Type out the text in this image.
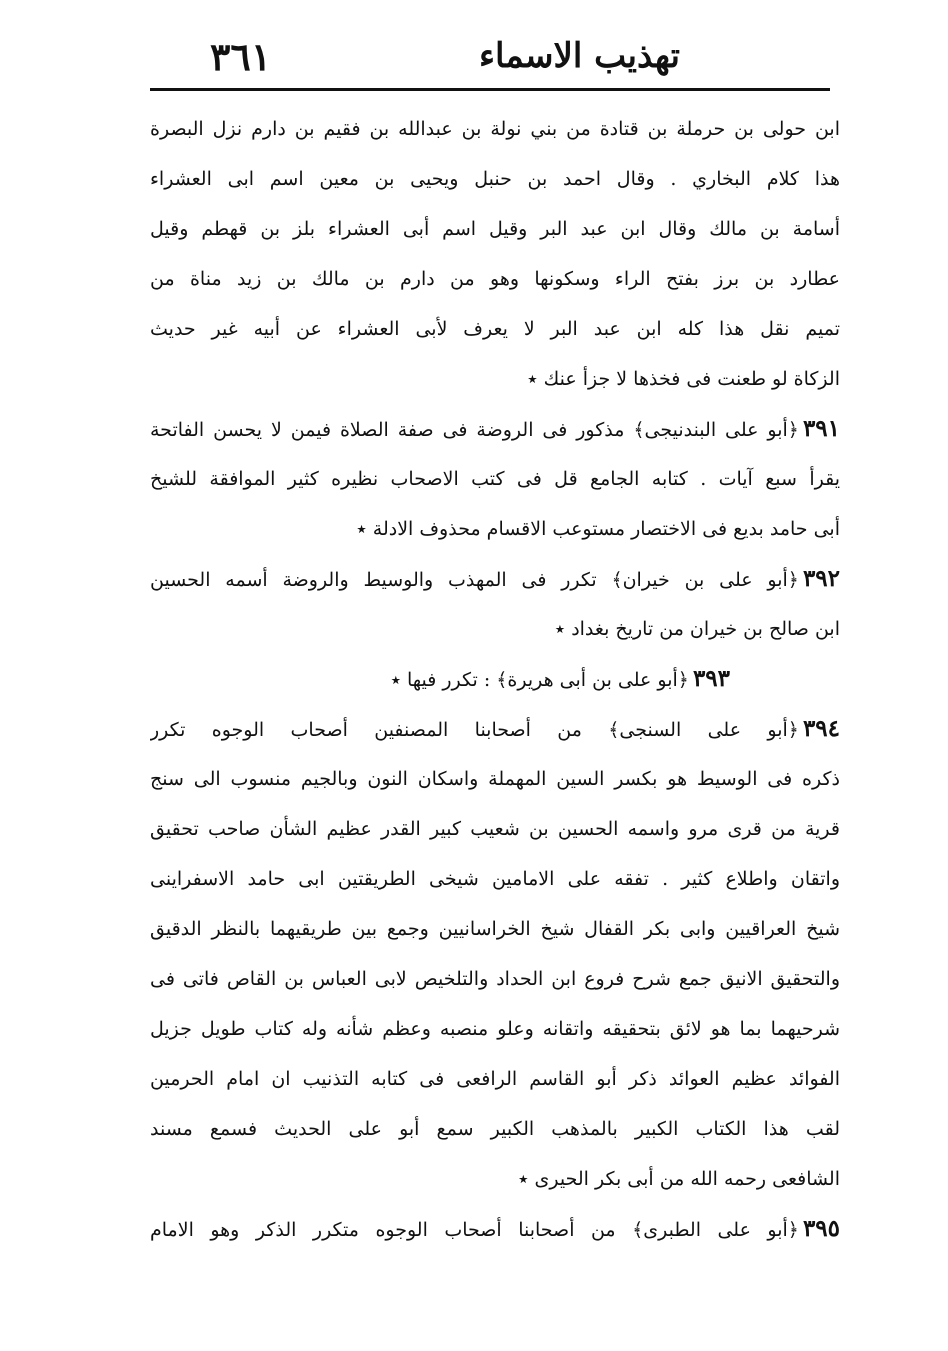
تهذيب الاسماء
٣٦١
ابن حولى بن حرملة بن قتادة من بني نولة بن عبدالله بن فقيم بن دارم نزل البصرة
هذا كلام البخاري . وقال احمد بن حنبل ويحيى بن معين اسم ابى العشراء
أسامة بن مالك وقال ابن عبد البر وقيل اسم أبى العشراء بلز بن قهطم وقيل
عطارد بن برز بفتح الراء وسكونها وهو من دارم بن مالك بن زيد مناة من
تميم نقل هذا كله ابن عبد البر لا يعرف لأبى العشراء عن أبيه غير حديث
الزكاة لو طعنت فى فخذها لا جزأ عنك ٭
٣٩١﴿أبو على البندنيجى﴾ مذكور فى الروضة فى صفة الصلاة فيمن لا يحسن الفاتحة
يقرأ سبع آيات . كتابه الجامع قل فى كتب الاصحاب نظيره كثير الموافقة للشيخ
أبى حامد بديع فى الاختصار مستوعب الاقسام محذوف الادلة ٭
٣٩٢﴿أبو على بن خيران﴾ تكرر فى المهذب والوسيط والروضة أسمه الحسين
ابن صالح بن خيران من تاريخ بغداد ٭
٣٩٣﴿أبو على بن أبى هريرة﴾ : تكرر فيها ٭
٣٩٤﴿أبو على السنجى﴾ من أصحابنا المصنفين أصحاب الوجوه تكرر
ذكره فى الوسيط هو بكسر السين المهملة واسكان النون وبالجيم منسوب الى سنج
قرية من قرى مرو واسمه الحسين بن شعيب كبير القدر عظيم الشأن صاحب تحقيق
واتقان واطلاع كثير . تفقه على الامامين شيخى الطريقتين ابى حامد الاسفراينى
شيخ العراقيين وابى بكر القفال شيخ الخراسانيين وجمع بين طريقيهما بالنظر الدقيق
والتحقيق الانيق جمع شرح فروع ابن الحداد والتلخيص لابى العباس بن القاص فاتى فى
شرحيهما بما هو لائق بتحقيقه واتقانه وعلو منصبه وعظم شأنه وله كتاب طويل جزيل
الفوائد عظيم العوائد ذكر أبو القاسم الرافعى فى كتابه التذنيب ان امام الحرمين
لقب هذا الكتاب الكبير بالمذهب الكبير سمع أبو على الحديث فسمع مسند
الشافعى رحمه الله من أبى بكر الحيرى ٭
٣٩٥﴿أبو على الطبرى﴾ من أصحابنا أصحاب الوجوه متكرر الذكر وهو الامام
